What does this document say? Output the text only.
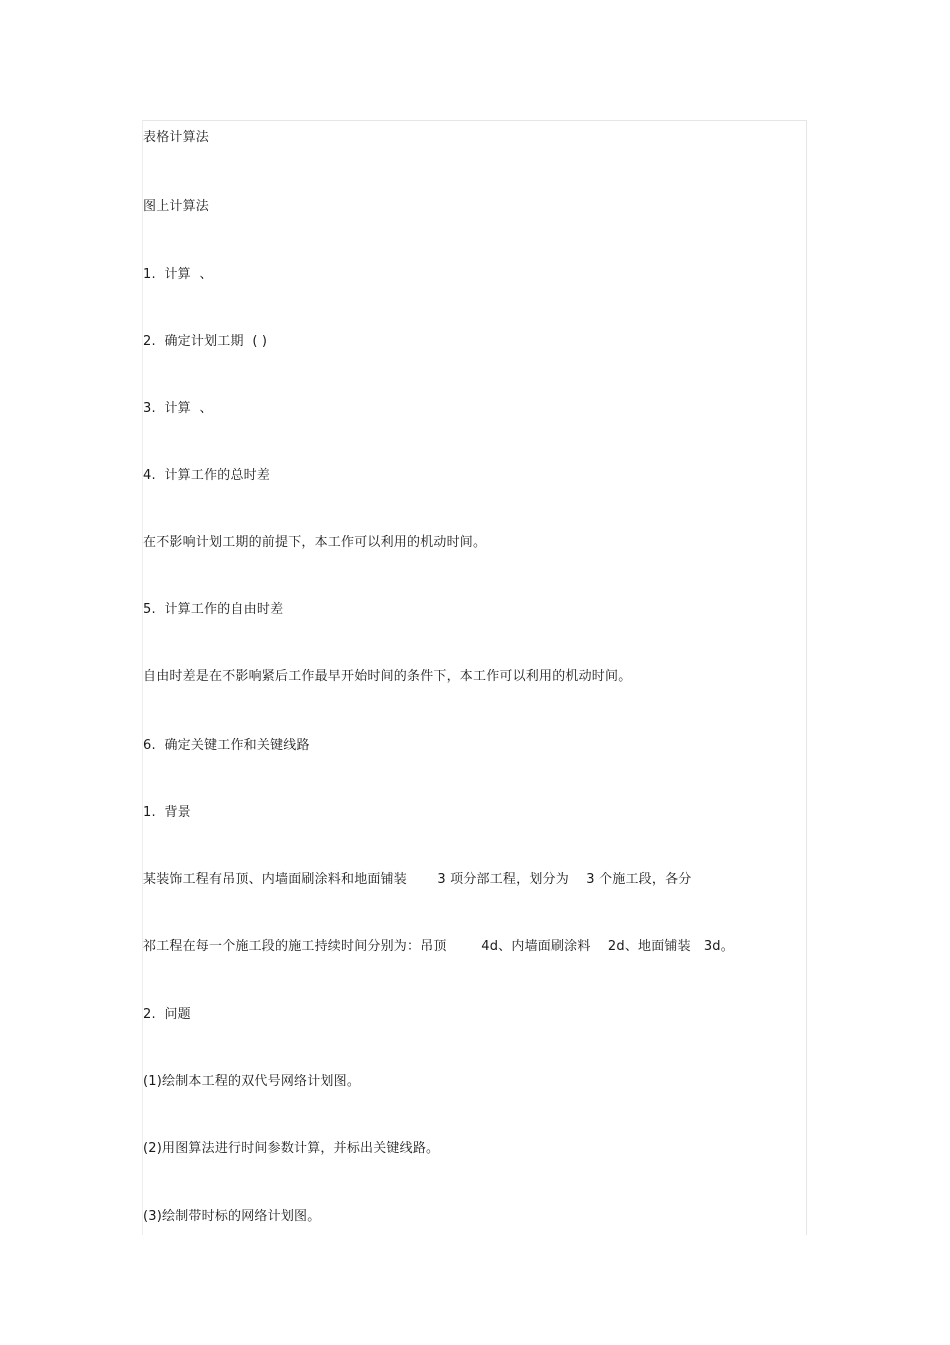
表格计算法
图上计算法
1.  计算  、
2.  确定计划工期  ( )
3.  计算  、
4.  计算工作的总时差
在不影响计划工期的前提下，本工作可以利用的机动时间。
5.  计算工作的自由时差
自由时差是在不影响紧后工作最早开始时间的条件下，本工作可以利用的机动时间。
6.  确定关键工作和关键线路
1.  背景
某装饰工程有吊顶、内墙面刷涂料和地面铺装       3 项分部工程，划分为    3 个施工段，各分
祁工程在每一个施工段的施工持续时间分别为：吊顶        4d、内墙面刷涂料    2d、地面铺装   3d。
2.  问题
(1)绘制本工程的双代号网络计划图。
(2)用图算法进行时间参数计算，并标出关键线路。
(3)绘制带时标的网络计划图。
